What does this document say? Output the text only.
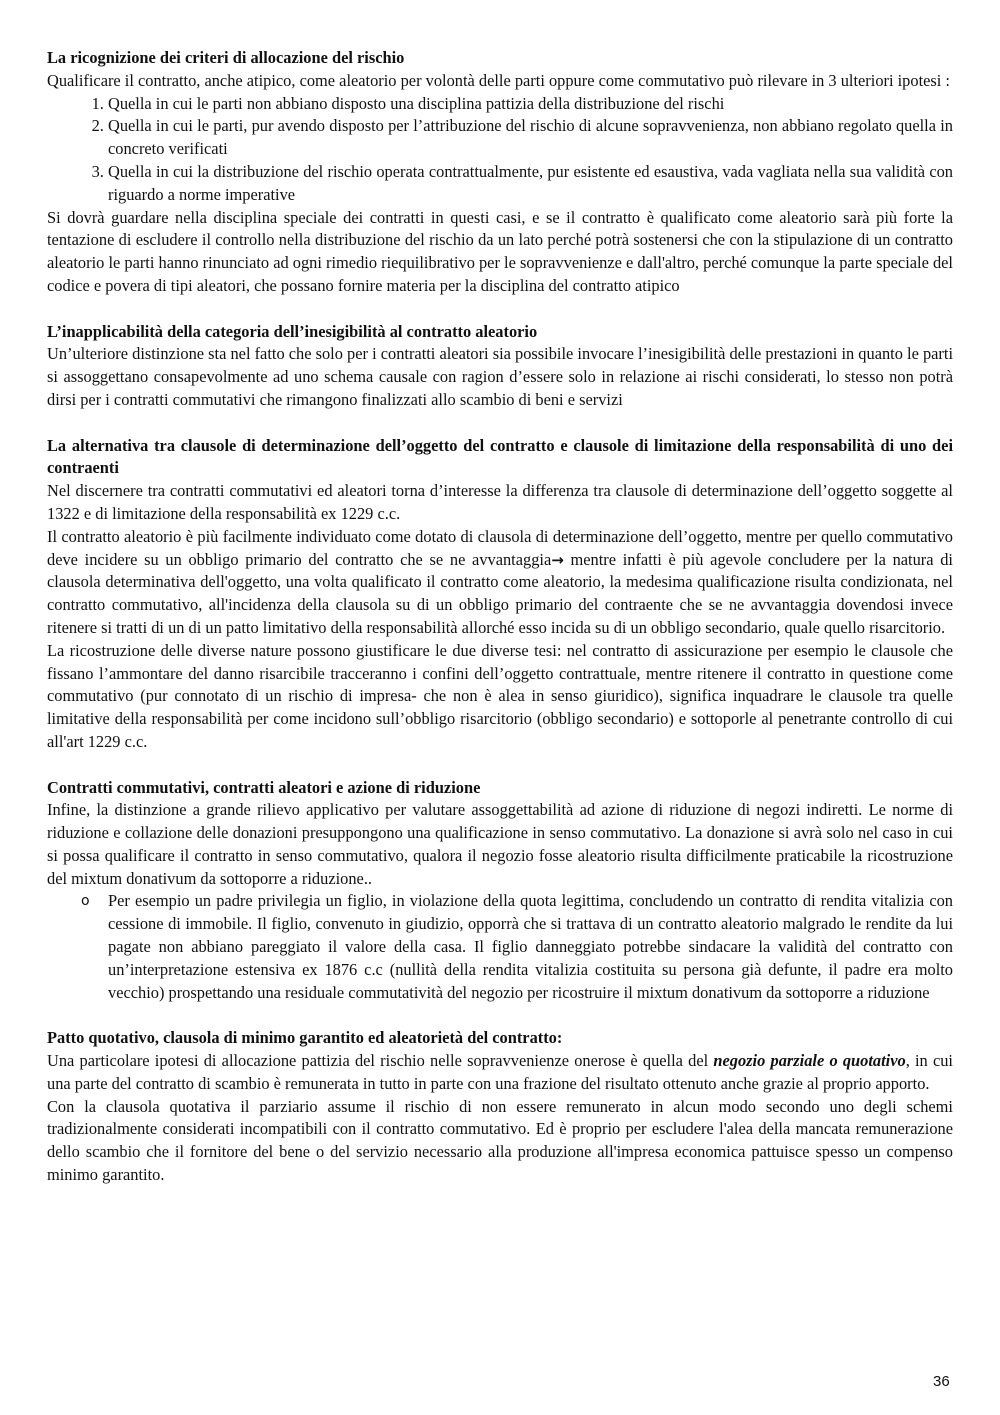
La ricognizione dei criteri di allocazione del rischio

Qualificare il contratto, anche atipico, come aleatorio per volontà delle parti oppure come commutativo può rilevare in 3 ulteriori ipotesi :

1. Quella in cui le parti non abbiano disposto una disciplina pattizia della distribuzione del rischi
2. Quella in cui le parti, pur avendo disposto per l’attribuzione del rischio di alcune sopravvenienza, non abbiano regolato quella in concreto verificati
3. Quella in cui la distribuzione del rischio operata contrattualmente, pur esistente ed esaustiva, vada vagliata nella sua validità con riguardo a norme imperative

Si dovrà guardare nella disciplina speciale dei contratti in questi casi, e se il contratto è qualificato come aleatorio sarà più forte la tentazione di escludere il controllo nella distribuzione del rischio da un lato perché potrà sostenersi che con la stipulazione di un contratto aleatorio le parti hanno rinunciato ad ogni rimedio riequilibrativo per le sopravvenienze e dall'altro, perché comunque la parte speciale del codice e povera di tipi aleatori, che possano fornire materia per la disciplina del contratto atipico

L’inapplicabilità della categoria dell’inesigibilità al contratto aleatorio

Un’ulteriore distinzione sta nel fatto che solo per i contratti aleatori sia possibile invocare l’inesigibilità delle prestazioni in quanto le parti si assoggettano consapevolmente ad uno schema causale con ragion d’essere solo in relazione ai rischi considerati, lo stesso non potrà dirsi per i contratti commutativi che rimangono finalizzati allo scambio di beni e servizi

La alternativa tra clausole di determinazione dell’oggetto del contratto e clausole di limitazione della responsabilità di uno dei contraenti

Nel discernere tra contratti commutativi ed aleatori torna d’interesse la differenza tra clausole di determinazione dell’oggetto soggette al 1322 e di limitazione della responsabilità ex 1229 c.c.

Il contratto aleatorio è più facilmente individuato come dotato di clausola di determinazione dell’oggetto, mentre per quello commutativo deve incidere su un obbligo primario del contratto che se ne avvantaggia→ mentre infatti è più agevole concludere per la natura di clausola determinativa dell'oggetto, una volta qualificato il contratto come aleatorio, la medesima qualificazione risulta condizionata, nel contratto commutativo, all'incidenza della clausola su di un obbligo primario del contraente che se ne avvantaggia dovendosi invece ritenere si tratti di un di un patto limitativo della responsabilità allorché esso incida su di un obbligo secondario, quale quello risarcitorio.

La ricostruzione delle diverse nature possono giustificare le due diverse tesi: nel contratto di assicurazione per esempio le clausole che fissano l’ammontare del danno risarcibile tracceranno i confini dell’oggetto contrattuale, mentre ritenere il contratto in questione come commutativo (pur connotato di un rischio di impresa- che non è alea in senso giuridico), significa inquadrare le clausole tra quelle limitative della responsabilità per come incidono sull’obbligo risarcitorio (obbligo secondario) e sottoporle al penetrante controllo di cui all'art 1229 c.c.

Contratti commutativi, contratti aleatori e azione di riduzione

Infine, la distinzione a grande rilievo applicativo per valutare assoggettabilità ad azione di riduzione di negozi indiretti. Le norme di riduzione e collazione delle donazioni presuppongono una qualificazione in senso commutativo. La donazione si avrà solo nel caso in cui si possa qualificare il contratto in senso commutativo, qualora il negozio fosse aleatorio risulta difficilmente praticabile la ricostruzione del mixtum donativum da sottoporre a riduzione..

o Per esempio un padre privilegia un figlio, in violazione della quota legittima, concludendo un contratto di rendita vitalizia con cessione di immobile. Il figlio, convenuto in giudizio, opporrà che si trattava di un contratto aleatorio malgrado le rendite da lui pagate non abbiano pareggiato il valore della casa. Il figlio danneggiato potrebbe sindacare la validità del contratto con un’interpretazione estensiva ex 1876 c.c (nullità della rendita vitalizia costituita su persona già defunte, il padre era molto vecchio) prospettando una residuale commutatività del negozio per ricostruire il mixtum donativum da sottoporre a riduzione

Patto quotativo, clausola di minimo garantito ed aleatorietà del contratto:

Una particolare ipotesi di allocazione pattizia del rischio nelle sopravvenienze onerose è quella del negozio parziale o quotativo, in cui una parte del contratto di scambio è remunerata in tutto in parte con una frazione del risultato ottenuto anche grazie al proprio apporto.

Con la clausola quotativa il parziario assume il rischio di non essere remunerato in alcun modo secondo uno degli schemi tradizionalmente considerati incompatibili con il contratto commutativo. Ed è proprio per escludere l'alea della mancata remunerazione dello scambio che il fornitore del bene o del servizio necessario alla produzione all'impresa economica pattuisce spesso un compenso minimo garantito.

36
